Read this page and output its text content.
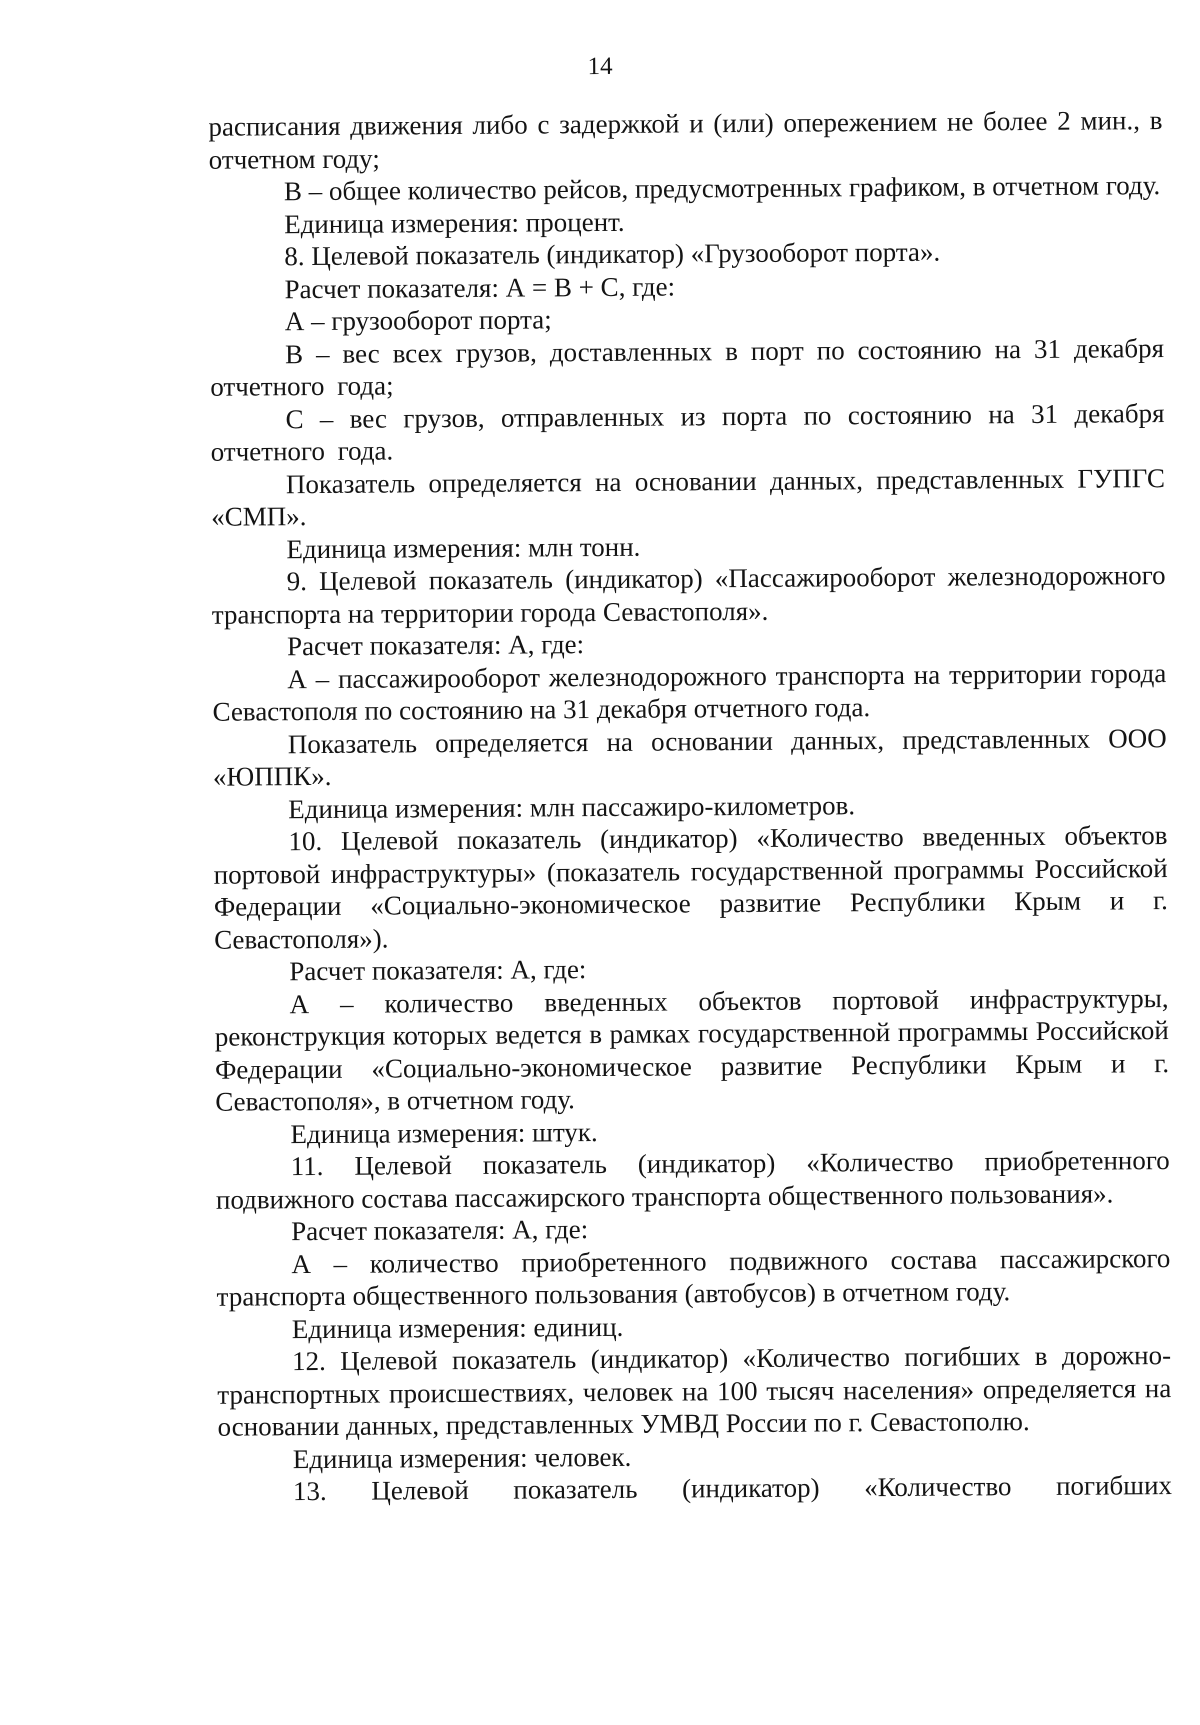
14

расписания движения либо с задержкой и (или) опережением не более 2 мин., в отчетном году;

В – общее количество рейсов, предусмотренных графиком, в отчетном году.

Единица измерения: процент.

8. Целевой показатель (индикатор) «Грузооборот порта».

Расчет показателя: А = В + С, где:

А – грузооборот порта;

В – вес всех грузов, доставленных в порт по состоянию на 31 декабря отчетного года;

С – вес грузов, отправленных из порта по состоянию на 31 декабря отчетного года.

Показатель определяется на основании данных, представленных ГУПГС «СМП».

Единица измерения: млн тонн.

9. Целевой показатель (индикатор) «Пассажирооборот железнодорожного транспорта на территории города Севастополя».

Расчет показателя: А, где:

А – пассажирооборот железнодорожного транспорта на территории города Севастополя по состоянию на 31 декабря отчетного года.

Показатель определяется на основании данных, представленных ООО «ЮППК».

Единица измерения: млн пассажиро-километров.

10. Целевой показатель (индикатор) «Количество введенных объектов портовой инфраструктуры» (показатель государственной программы Российской Федерации «Социально-экономическое развитие Республики Крым и г. Севастополя»).

Расчет показателя: А, где:

А – количество введенных объектов портовой инфраструктуры, реконструкция которых ведется в рамках государственной программы Российской Федерации «Социально-экономическое развитие Республики Крым и г. Севастополя», в отчетном году.

Единица измерения: штук.

11. Целевой показатель (индикатор) «Количество приобретенного подвижного состава пассажирского транспорта общественного пользования».

Расчет показателя: А, где:

А – количество приобретенного подвижного состава пассажирского транспорта общественного пользования (автобусов) в отчетном году.

Единица измерения: единиц.

12. Целевой показатель (индикатор) «Количество погибших в дорожно-транспортных происшествиях, человек на 100 тысяч населения» определяется на основании данных, представленных УМВД России по г. Севастополю.

Единица измерения: человек.

13. Целевой показатель (индикатор) «Количество погибших
